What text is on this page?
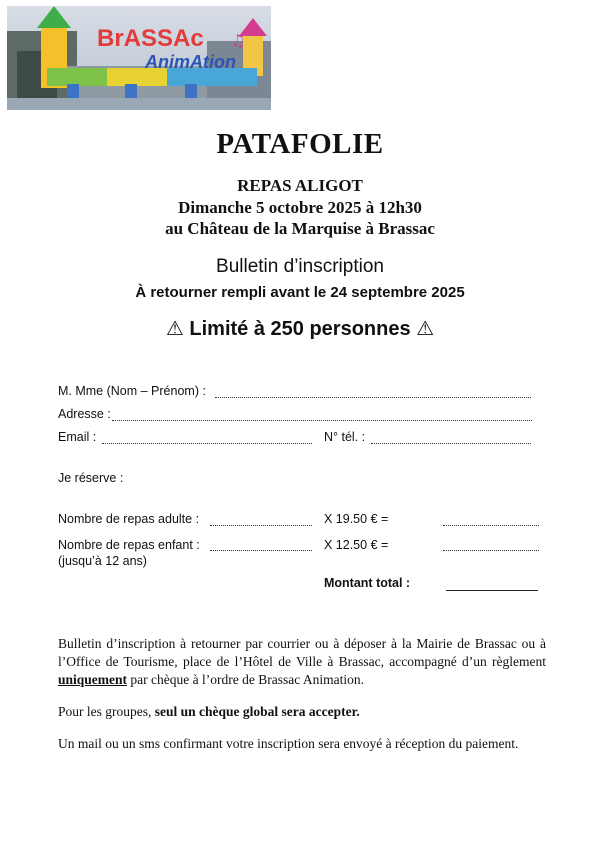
BrASSAc
AnimAtion
♫
PATAFOLIE
REPAS ALIGOT
Dimanche 5 octobre 2025 à 12h30
au Château de la Marquise à Brassac
Bulletin d’inscription
À retourner rempli avant le 24 septembre 2025
⚠ Limité à 250 personnes ⚠
M. Mme (Nom – Prénom) :
Adresse :
Email :	N° tél. :
Je réserve :
Nombre de repas adulte :	X 19.50 € =
Nombre de repas enfant :	X 12.50 € =
(jusqu’à 12 ans)
Montant total :
Bulletin d’inscription à retourner par courrier ou à déposer à la Mairie de Brassac ou à l’Office de Tourisme, place de l’Hôtel de Ville à Brassac, accompagné d’un règlement uniquement par chèque à l’ordre de Brassac Animation.
Pour les groupes, seul un chèque global sera accepter.
Un mail ou un sms confirmant votre inscription sera envoyé à réception du paiement.
